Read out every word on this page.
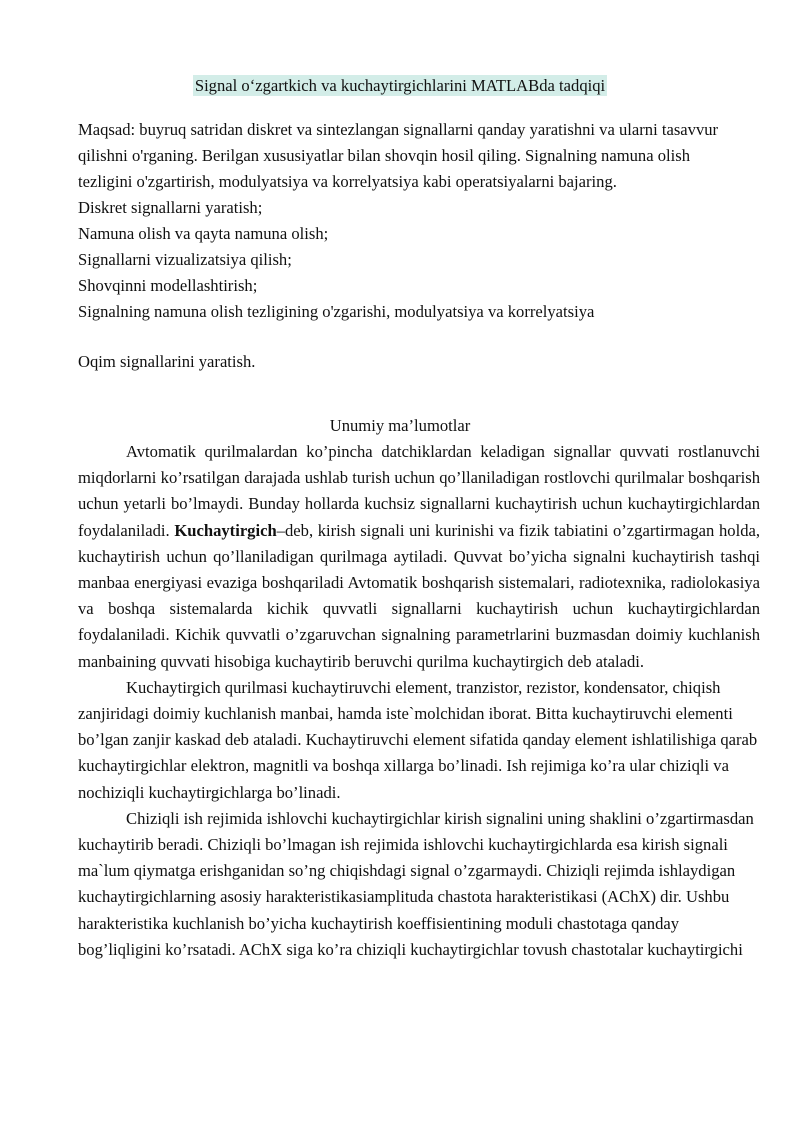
Signal o‘zgartkich va kuchaytirgichlarini MATLABda tadqiqi

Maqsad: buyruq satridan diskret va sintezlangan signallarni qanday yaratishni va ularni tasavvur qilishni o'rganing. Berilgan xususiyatlar bilan shovqin hosil qiling. Signalning namuna olish tezligini o'zgartirish, modulyatsiya va korrelyatsiya kabi operatsiyalarni bajaring.

Diskret signallarni yaratish;

Namuna olish va qayta namuna olish;

Signallarni vizualizatsiya qilish;

Shovqinni modellashtirish;

Signalning namuna olish tezligining o'zgarishi, modulyatsiya va korrelyatsiya

Oqim signallarini yaratish.

Unumiy ma’lumotlar

Avtomatik qurilmalardan ko’pincha datchiklardan keladigan signallar quvvati rostlanuvchi miqdorlarni ko’rsatilgan darajada ushlab turish uchun qo’llaniladigan rostlovchi qurilmalar boshqarish uchun yetarli bo’lmaydi. Bunday hollarda kuchsiz signallarni kuchaytirish uchun kuchaytirgichlardan foydalaniladi. Kuchaytirgich–deb, kirish signali uni kurinishi va fizik tabiatini o’zgartirmagan holda, kuchaytirish uchun qo’llaniladigan qurilmaga aytiladi. Quvvat bo’yicha signalni kuchaytirish tashqi manbaa energiyasi evaziga boshqariladi Avtomatik boshqarish sistemalari, radiotexnika, radiolokasiya va boshqa sistemalarda kichik quvvatli signallarni kuchaytirish uchun kuchaytirgichlardan foydalaniladi. Kichik quvvatli o’zgaruvchan signalning parametrlarini buzmasdan doimiy kuchlanish manbaining quvvati hisobiga kuchaytirib beruvchi qurilma kuchaytirgich deb ataladi.

Kuchaytirgich qurilmasi kuchaytiruvchi element, tranzistor, rezistor, kondensator, chiqish zanjiridagi doimiy kuchlanish manbai, hamda iste`molchidan iborat. Bitta kuchaytiruvchi elementi bo’lgan zanjir kaskad deb ataladi. Kuchaytiruvchi element sifatida qanday element ishlatilishiga qarab kuchaytirgichlar elektron, magnitli va boshqa xillarga bo’linadi. Ish rejimiga ko’ra ular chiziqli va nochiziqli kuchaytirgichlarga bo’linadi.

Chiziqli ish rejimida ishlovchi kuchaytirgichlar kirish signalini uning shaklini o’zgartirmasdan kuchaytirib beradi. Chiziqli bo’lmagan ish rejimida ishlovchi kuchaytirgichlarda esa kirish signali ma`lum qiymatga erishganidan so’ng chiqishdagi signal o’zgarmaydi. Chiziqli rejimda ishlaydigan kuchaytirgichlarning asosiy harakteristikasiamplituda chastota harakteristikasi (AChX) dir. Ushbu harakteristika kuchlanish bo’yicha kuchaytirish koeffisientining moduli chastotaga qanday bog’liqligini ko’rsatadi. AChX siga ko’ra chiziqli kuchaytirgichlar tovush chastotalar kuchaytirgichi
